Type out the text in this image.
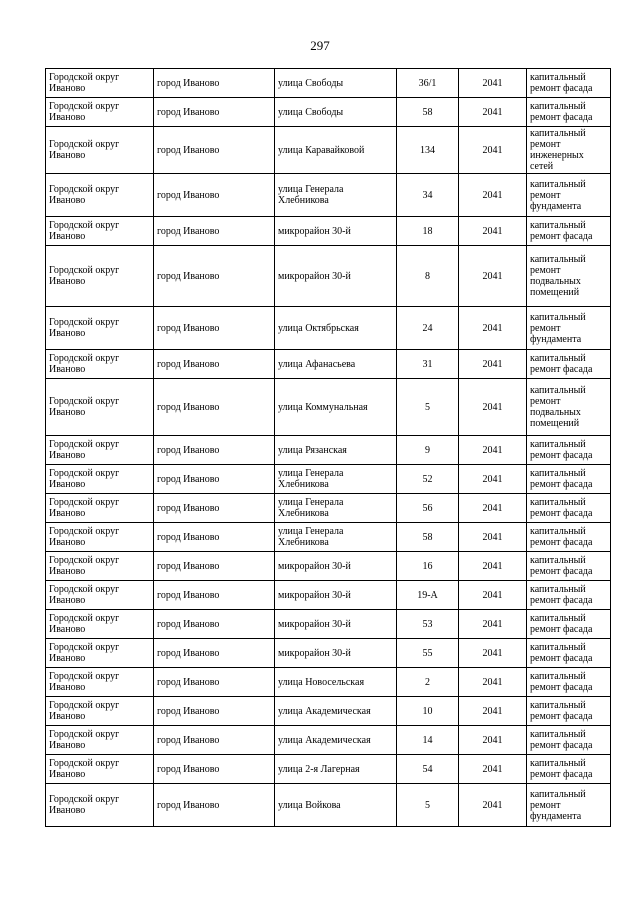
297
Городской округ Иваново	город Иваново	улица Свободы	36/1	2041	капитальный ремонт фасада
Городской округ Иваново	город Иваново	улица Свободы	58	2041	капитальный ремонт фасада
Городской округ Иваново	город Иваново	улица Каравайковой	134	2041	капитальный ремонт инженерных сетей
Городской округ Иваново	город Иваново	улица Генерала Хлебникова	34	2041	капитальный ремонт фундамента
Городской округ Иваново	город Иваново	микрорайон 30-й	18	2041	капитальный ремонт фасада
Городской округ Иваново	город Иваново	микрорайон 30-й	8	2041	капитальный ремонт подвальных помещений
Городской округ Иваново	город Иваново	улица Октябрьская	24	2041	капитальный ремонт фундамента
Городской округ Иваново	город Иваново	улица Афанасьева	31	2041	капитальный ремонт фасада
Городской округ Иваново	город Иваново	улица Коммунальная	5	2041	капитальный ремонт подвальных помещений
Городской округ Иваново	город Иваново	улица Рязанская	9	2041	капитальный ремонт фасада
Городской округ Иваново	город Иваново	улица Генерала Хлебникова	52	2041	капитальный ремонт фасада
Городской округ Иваново	город Иваново	улица Генерала Хлебникова	56	2041	капитальный ремонт фасада
Городской округ Иваново	город Иваново	улица Генерала Хлебникова	58	2041	капитальный ремонт фасада
Городской округ Иваново	город Иваново	микрорайон 30-й	16	2041	капитальный ремонт фасада
Городской округ Иваново	город Иваново	микрорайон 30-й	19-А	2041	капитальный ремонт фасада
Городской округ Иваново	город Иваново	микрорайон 30-й	53	2041	капитальный ремонт фасада
Городской округ Иваново	город Иваново	микрорайон 30-й	55	2041	капитальный ремонт фасада
Городской округ Иваново	город Иваново	улица Новосельская	2	2041	капитальный ремонт фасада
Городской округ Иваново	город Иваново	улица Академическая	10	2041	капитальный ремонт фасада
Городской округ Иваново	город Иваново	улица Академическая	14	2041	капитальный ремонт фасада
Городской округ Иваново	город Иваново	улица 2-я Лагерная	54	2041	капитальный ремонт фасада
Городской округ Иваново	город Иваново	улица Войкова	5	2041	капитальный ремонт фундамента
